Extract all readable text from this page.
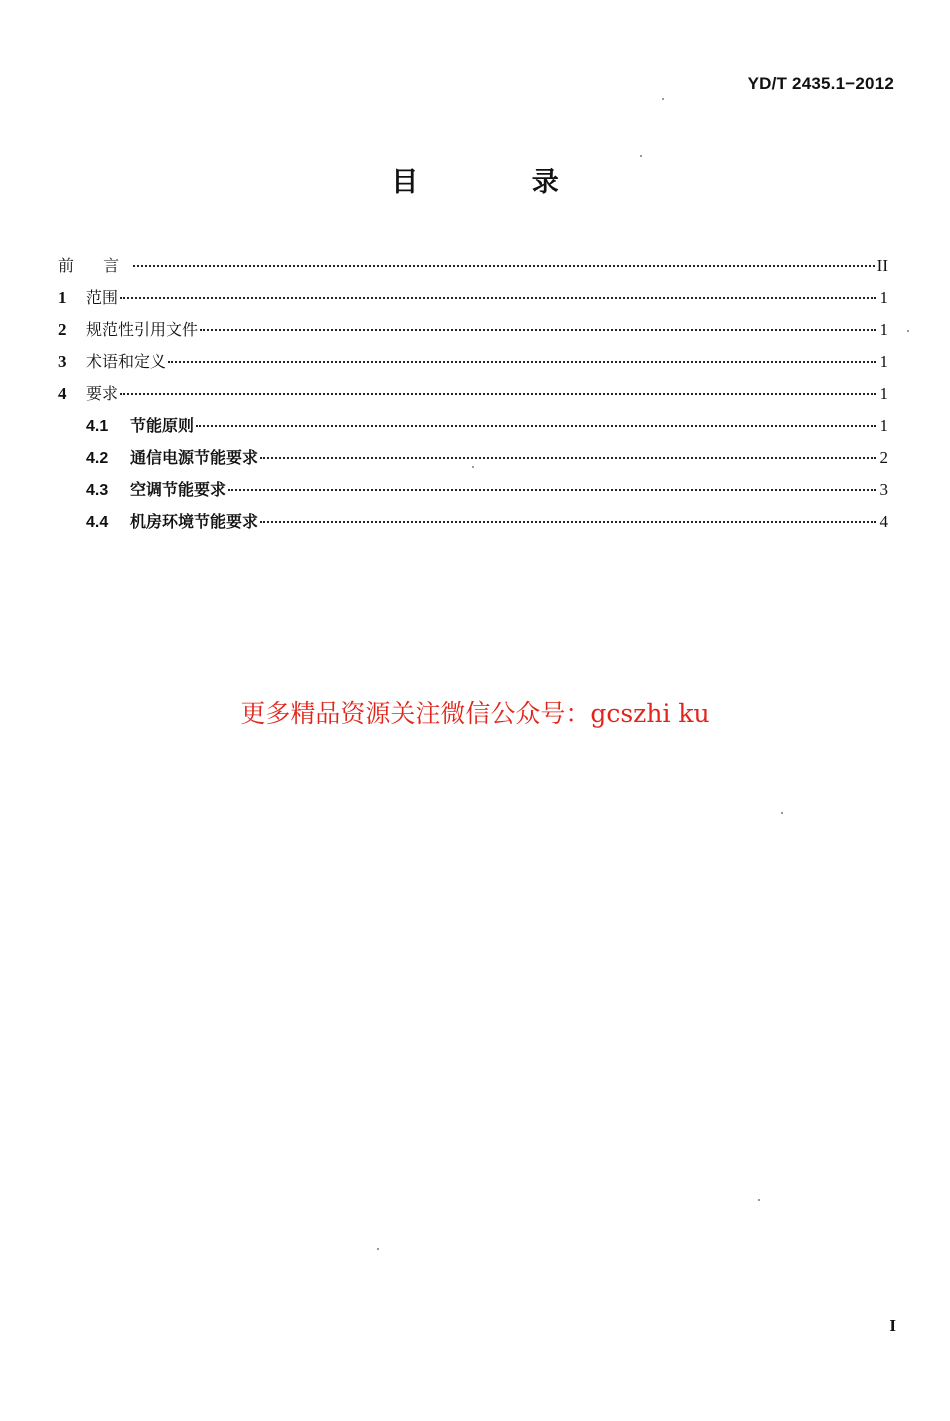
YD/T 2435.1−2012
目 录
前 言	II
1	范围	1
2	规范性引用文件	1
3	术语和定义	1
4	要求	1
4.1	节能原则	1
4.2	通信电源节能要求	2
4.3	空调节能要求	3
4.4	机房环境节能要求	4
更多精品资源关注微信公众号：gcszhi ku
I
